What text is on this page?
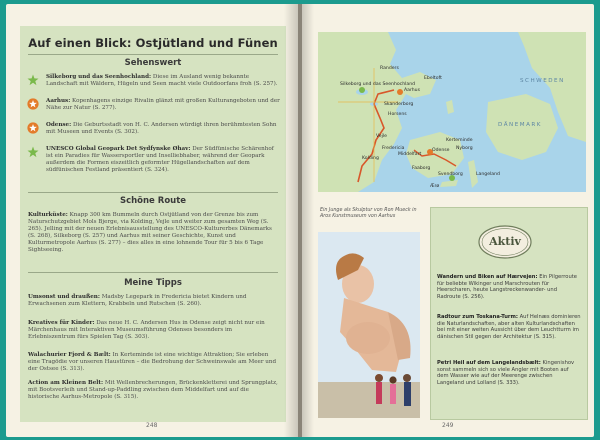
Auf einen Blick: Ostjütland und Fünen
Sehenswert
Silkeborg und das Seenhochland: Diese im Ausland wenig bekannte Landschaft mit Wäldern, Hügeln und Seen macht viele Outdoorfans froh (S. 257).
Aarhus: Kopenhagens einzige Rivalin glänzt mit großen Kulturangeboten und der Nähe zur Natur (S. 277).
Odense: Die Geburtsstadt von H. C. Andersen würdigt ihren berühmtesten Sohn mit Museen und Events (S. 302).
UNESCO Global Geopark Det Sydfynske Øhav: Der Südfünische Schärenhof ist ein Paradies für Wassersportler und Inselliebhaber, während der Geopark außerdem die Formen eiszeitlich geformter Hügellandschaften auf dem südfünischen Festland präsentiert (S. 324).
Schöne Route
Kulturküste: Knapp 300 km Bummeln durch Ostjütland von der Grenze bis zum Naturschutzgebiet Mols Bjerge, via Kolding, Vejle und weiter zum gesamten Weg (S. 265). Jelling mit der neuen Erlebnisausstellung des UNESCO-Kulturerbes Dänemarks (S. 268), Silkeborg (S. 257) und Aarhus mit seiner Geschichte, Kunst und Kulturmetropole Aarhus (S. 277) – dies alles in eine lohnende Tour für 5 bis 6 Tage Sightseeing.
Meine Tipps
Umsonst und draußen: Madsby Legepark in Fredericia bietet Kindern und Erwachsenen zum Klettern, Krabbeln und Rutschen (S. 260).
Kreatives für Kinder: Das neue H. C. Andersen Hus in Odense zeigt nicht nur ein Märchenhaus mit Interaktiven Museumsführung Odenses besonders im Erlebniszentrum fürs Spielen Tag (S. 303).
Walachurier Fjord & Bælt: In Kerteminde ist eine wichtige Attraktion; Sie erleben eine Tragödie vor unseren Haustüren – die Bedrohung der Schweinswale am Meer und der Ostsee (S. 313).
Action am Kleinen Belt: Mit Wellenbrecherungen, Brückenkletterei und Sprungplatz, mit Bootsverleih und Stand-up-Paddling zwischen dem Middelfart und auf die historische Aarhus-Metropole (S. 315).
248
SCHWEDEN
DÄNEMARK
Silkeborg und das Seenhochland
Aarhus
Odense
Kolding
Vejle
Fredericia
Middelfart
Nyborg
Svendborg
Ærø
Langeland
Horsens
Randers
Ebeltoft
Skanderborg
Kerteminde
Faaborg
Ein Junge als Skulptur von Ron Mueck in Aros Kunstmuseum von Aarhus
Aktiv
Wandern und Biken auf Hærvejen: Ein Pilgerroute für beliebte Wikinger und Marschrouten für Heerscharen, heute Langstreckenwander- und Radroute (S. 256).
Radtour zum Toskana-Turm: Auf Helnæs dominieren die Naturlandschaften, aber alten Kulturlandschaften bei mit einer weiten Aussicht über dem Leuchtturm im dänischen Stil gegen der Architektur (S. 315).
Petri Heil auf dem Langelandsbælt: Kingenishov sonst sammeln sich so viele Angler mit Booten auf dem Wasser wie auf der Meerenge zwischen Langeland und Lolland (S. 333).
249
